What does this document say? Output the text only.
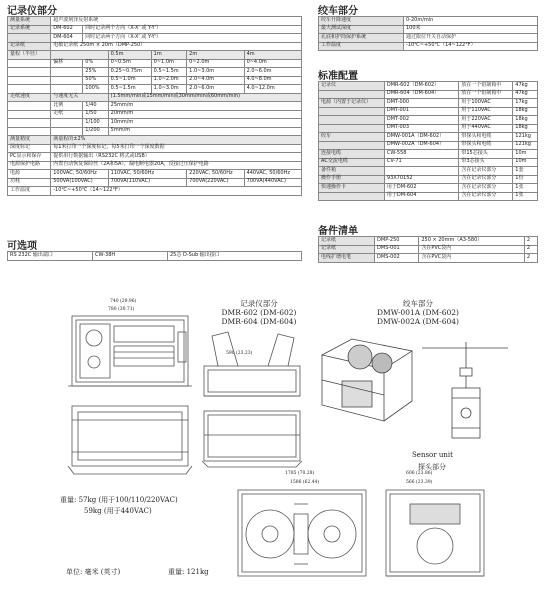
记录仪部分	绞车部分
标准配置
可选项
备件清单
测量系统	超声波刻泽反射系统					
记录系统	DM-602	回时记录两个方向（X-X' 或 Y-Y'）				
	DM-604	回时记录两个方向（X-X' 或 Y-Y'）				
记录纸	电敏记录纸 250m × 20m（DMP-250）					
量程（半径）			0.5m	1m	2m	4m
	偏移	0%	0~0.5m	0~1.0m	0~2.0m	0~4.0m
		25%	0.25~0.75m	0.5~1.5m	1.0~3.0m	2.0~6.0m
		50%	0.5~1.0m	1.0~2.0m	2.0~4.0m	4.0~8.0m
		100%	0.5~1.5m	1.0~3.0m	2.0~6.0m	4.0~12.0m
走纸速度	与速度无关		(1.5mm/min或15mm/min或30mm/min或60mm/min)			
	比例	1/40	25mm/m			
	走纸	1/50	20mm/m			
		1/100	10mm/m			
		1/200	5mm/m			
测量精度	满量程的±2%					
深度标记	每1米打印一个深度标记，每5米打印一个深度数据					
PC显示和保存	提供串行数据输出（RS232C 格式或USB）					
电源保护电路	内置自动恢复保险丝（2A和5A），漏电断电器20A，反接过压保护电路					
电源	100VAC, 50/60Hz		110VAC, 50/60Hz		220VAC, 50/60Hz	440VAC, 50/60Hz
功耗	500VA(100VAC)		700VA(110VAC)		700VA(220VAC)	700VA(440VAC)
工作温度	-10℃~+50℃（14~122°F）					
RS 232C 输出端口	CW-38H	25芯 D-Sub 输出接口
绞车升降速度	0-20m/min
最大测试深度	100米
孔底和护筒保护系统	通过限位开关自动保护
工作温度	-10℃~+50℃（14~122°F）
记录仪	DMR-602（DM-602）	放在一个铝制箱中	47kg
	DMR-604（DM-604）	放在一个铝制箱中	47kg
电源（内置于记录仪）	DMT-000	用于100VAC	17kg
	DMT-001	用于110VAC	18kg
	DMT-002	用于220VAC	18kg
	DMT-003	用于440VAC	18kg
绞车	DMW-001A（DM-602）	带探头和电缆	121kg
	DMW-002A（DM-604）	带探头和电缆	121kg
连接电缆	CW-558	带15芯接头	10m
AC交流电缆	CV-71	带3芯接头	10m
备件箱		含在记录仪部分	1套
操作手册	93X70152	含在记录仪部分	1份
快速操作卡	用于DM-602	含在记录仪部分	1张
	用于DM-604	含在记录仪部分	1张
记录纸	DMP-250	250 × 20mm（A3-580）	2
记录纸	DMS-001	含在PVC袋内	2
电线扩增电笔	DMS-002	含在PVC袋内	2
记录仪部分
DMR-602 (DM-602)
DMR-604 (DM-604)
绞车部分
DMW-001A (DM-602)
DMW-002A (DM-604)
Sensor unit
探头部分
重量: 57kg (用于100/110/220VAC)
59kg (用于440VAC)
单位: 毫米 (英寸)	重量: 121kg
740 (29.96)
780 (30.71)
590 (23.23)
1586 (62.44)
1785 (70.28)	606 (23.86)
566 (23.39)
